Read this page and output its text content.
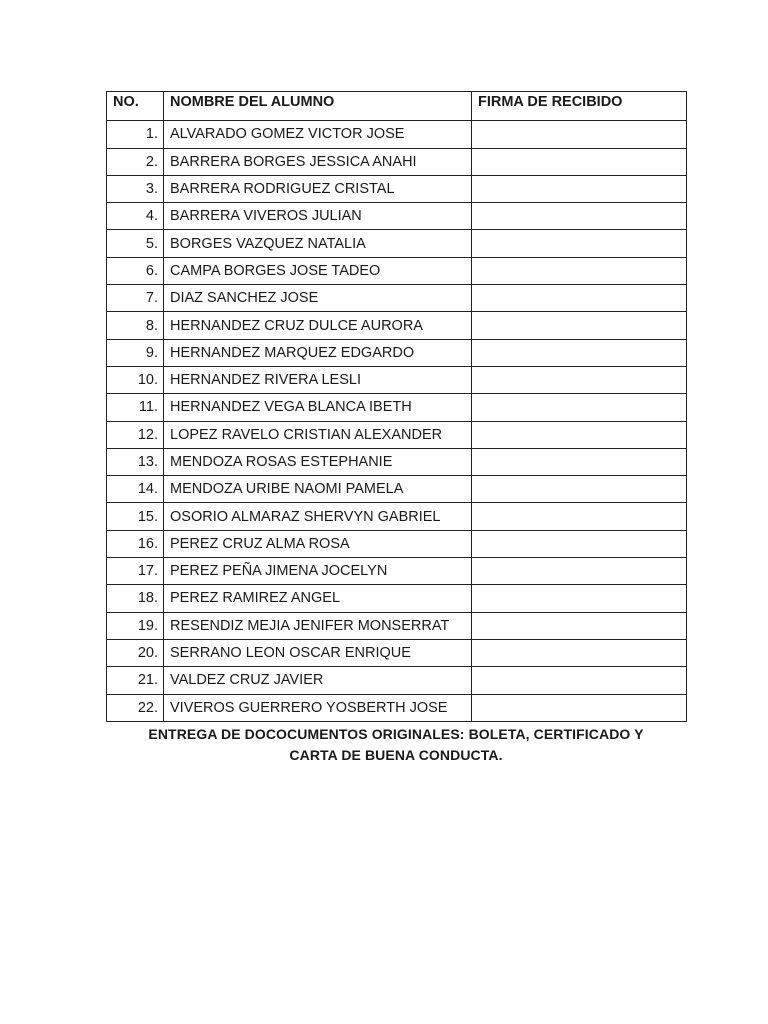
NO.	NOMBRE DEL ALUMNO	FIRMA DE RECIBIDO
1.	ALVARADO GOMEZ VICTOR JOSE	
2.	BARRERA BORGES JESSICA ANAHI	
3.	BARRERA RODRIGUEZ CRISTAL	
4.	BARRERA VIVEROS JULIAN	
5.	BORGES VAZQUEZ NATALIA	
6.	CAMPA BORGES JOSE TADEO	
7.	DIAZ SANCHEZ JOSE	
8.	HERNANDEZ CRUZ DULCE AURORA	
9.	HERNANDEZ MARQUEZ EDGARDO	
10.	HERNANDEZ RIVERA LESLI	
11.	HERNANDEZ VEGA BLANCA IBETH	
12.	LOPEZ RAVELO CRISTIAN ALEXANDER	
13.	MENDOZA ROSAS ESTEPHANIE	
14.	MENDOZA URIBE NAOMI PAMELA	
15.	OSORIO ALMARAZ SHERVYN GABRIEL	
16.	PEREZ CRUZ ALMA ROSA	
17.	PEREZ PEÑA JIMENA JOCELYN	
18.	PEREZ RAMIREZ ANGEL	
19.	RESENDIZ MEJIA JENIFER MONSERRAT	
20.	SERRANO LEON OSCAR ENRIQUE	
21.	VALDEZ CRUZ JAVIER	
22.	VIVEROS GUERRERO YOSBERTH JOSE	
ENTREGA DE DOCOCUMENTOS ORIGINALES: BOLETA, CERTIFICADO Y
CARTA DE BUENA CONDUCTA.
